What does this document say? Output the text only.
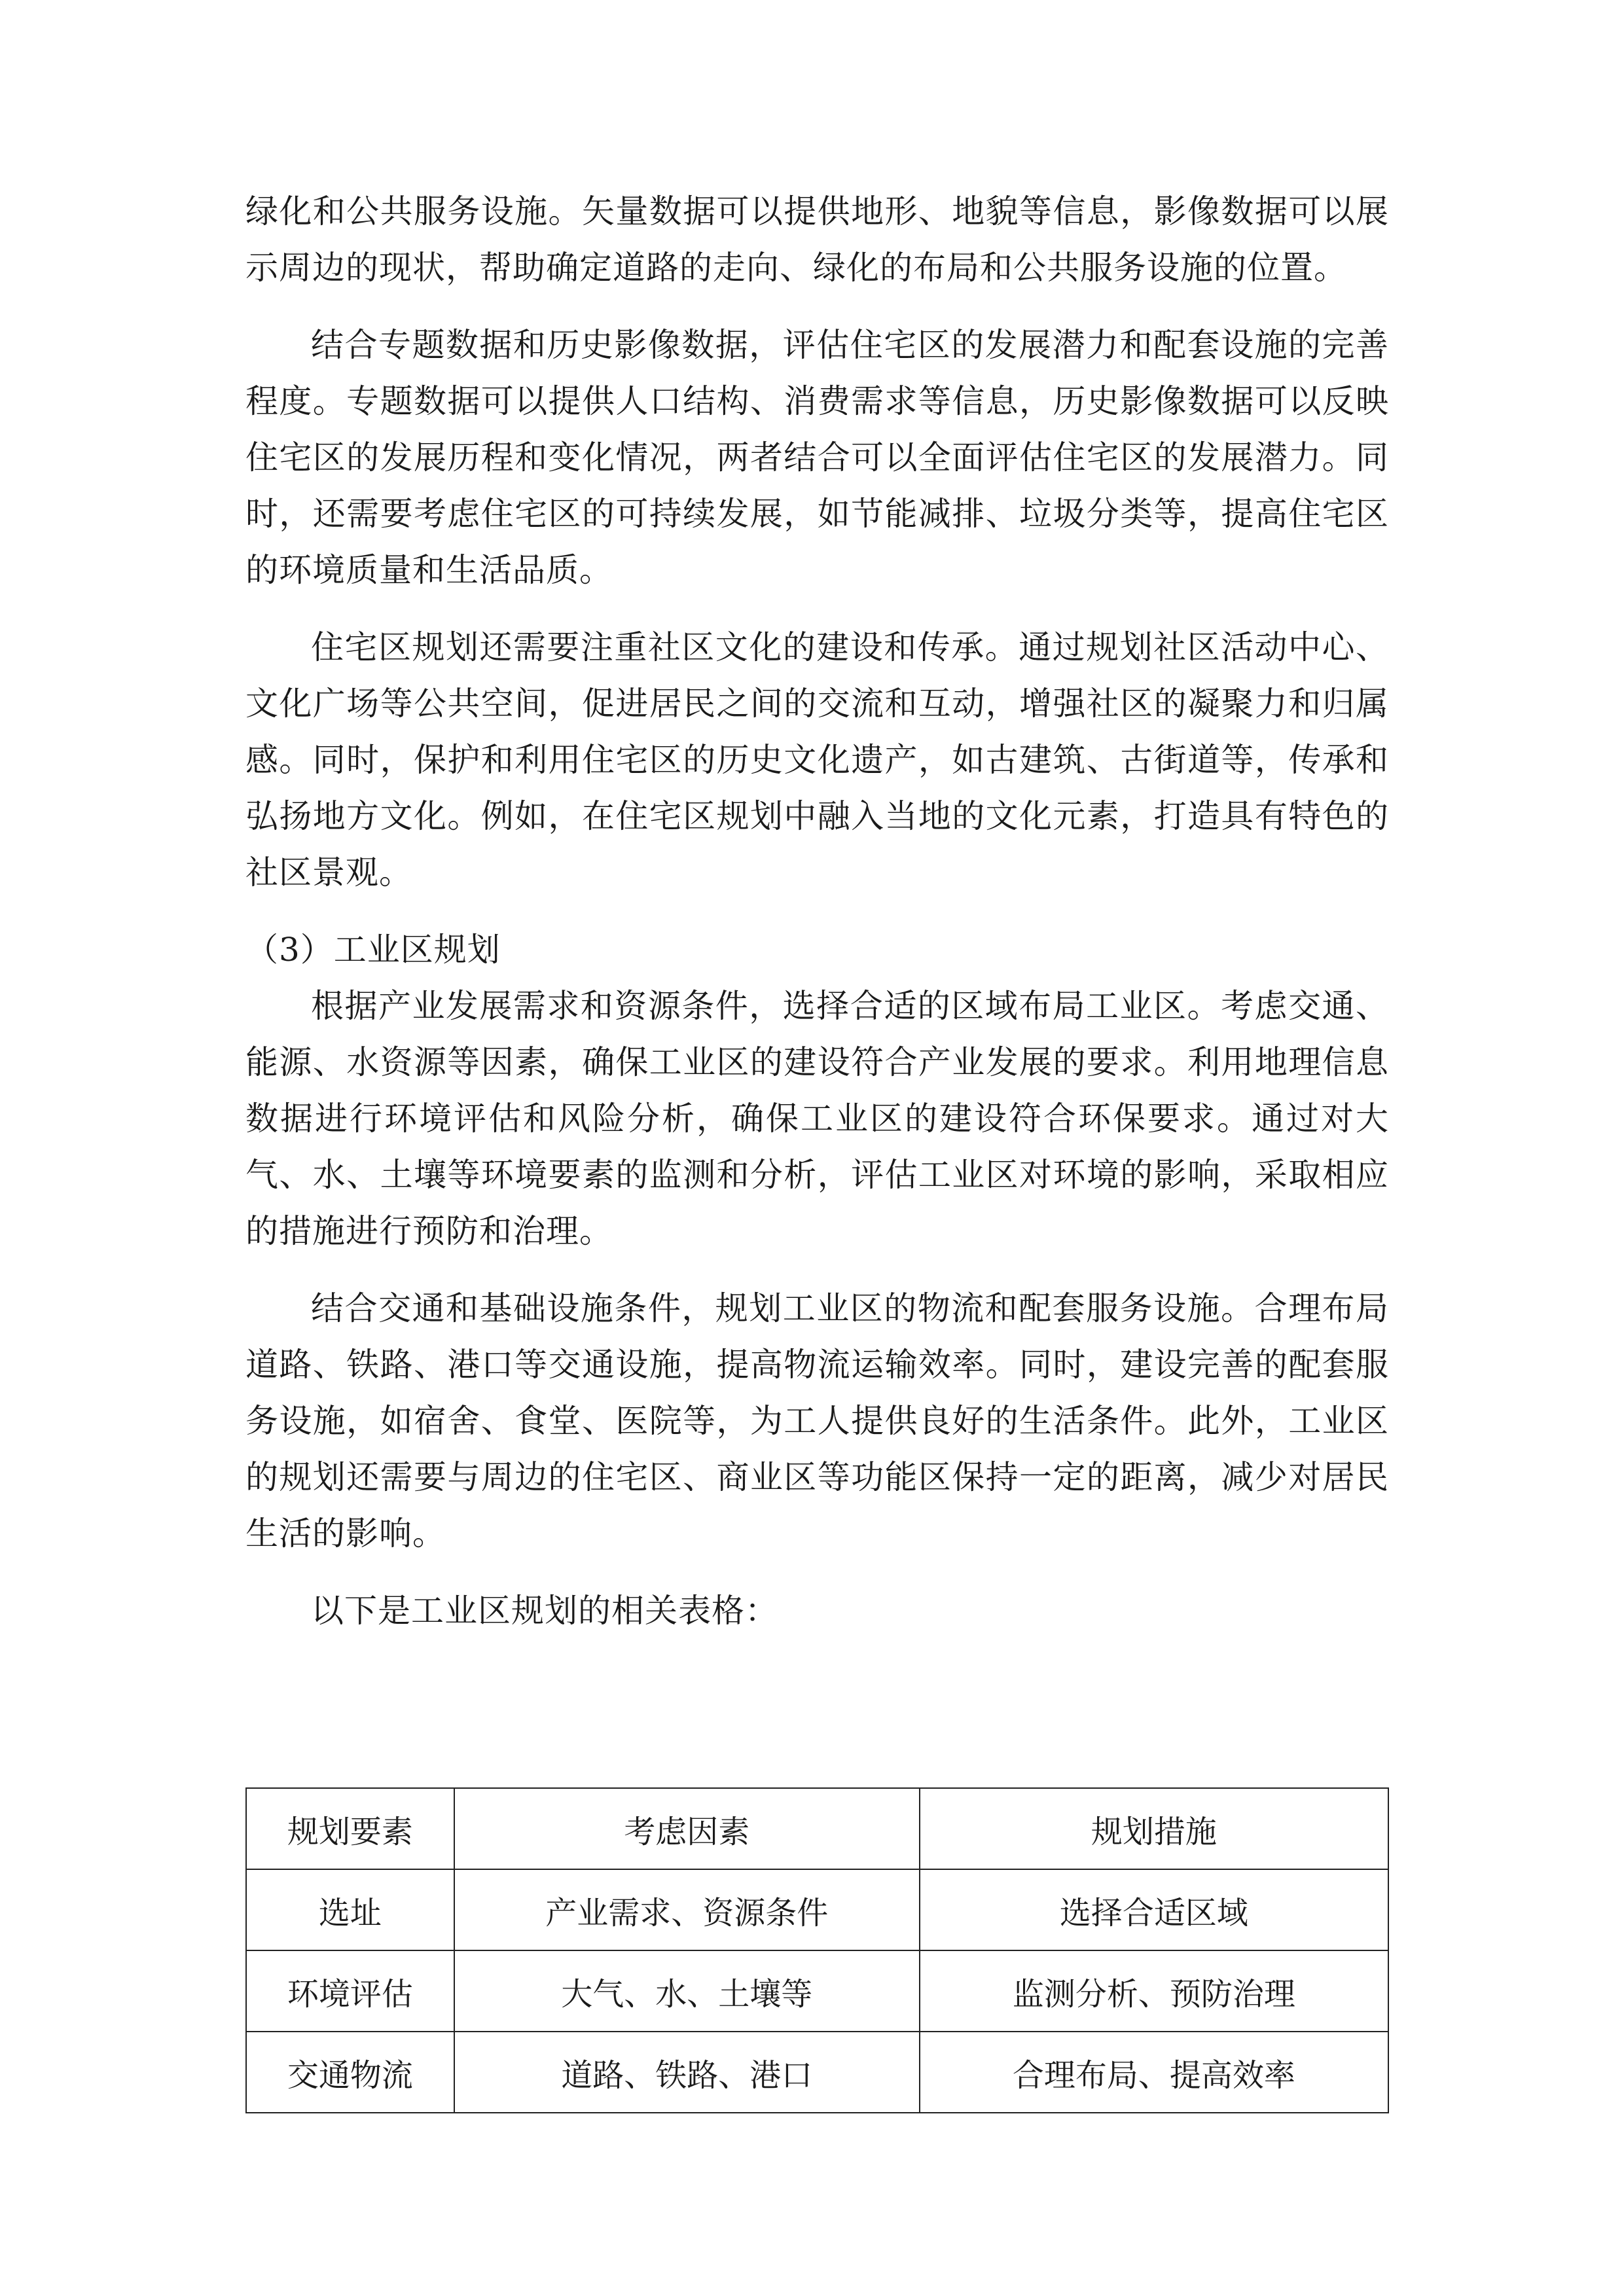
绿化和公共服务设施。矢量数据可以提供地形、地貌等信息，影像数据可以展示周边的现状，帮助确定道路的走向、绿化的布局和公共服务设施的位置。

结合专题数据和历史影像数据，评估住宅区的发展潜力和配套设施的完善程度。专题数据可以提供人口结构、消费需求等信息，历史影像数据可以反映住宅区的发展历程和变化情况，两者结合可以全面评估住宅区的发展潜力。同时，还需要考虑住宅区的可持续发展，如节能减排、垃圾分类等，提高住宅区的环境质量和生活品质。

住宅区规划还需要注重社区文化的建设和传承。通过规划社区活动中心、文化广场等公共空间，促进居民之间的交流和互动，增强社区的凝聚力和归属感。同时，保护和利用住宅区的历史文化遗产，如古建筑、古街道等，传承和弘扬地方文化。例如，在住宅区规划中融入当地的文化元素，打造具有特色的社区景观。

（3）工业区规划

根据产业发展需求和资源条件，选择合适的区域布局工业区。考虑交通、能源、水资源等因素，确保工业区的建设符合产业发展的要求。利用地理信息数据进行环境评估和风险分析，确保工业区的建设符合环保要求。通过对大气、水、土壤等环境要素的监测和分析，评估工业区对环境的影响，采取相应的措施进行预防和治理。

结合交通和基础设施条件，规划工业区的物流和配套服务设施。合理布局道路、铁路、港口等交通设施，提高物流运输效率。同时，建设完善的配套服务设施，如宿舍、食堂、医院等，为工人提供良好的生活条件。此外，工业区的规划还需要与周边的住宅区、商业区等功能区保持一定的距离，减少对居民生活的影响。

以下是工业区规划的相关表格：

规划要素	考虑因素	规划措施
选址	产业需求、资源条件	选择合适区域
环境评估	大气、水、土壤等	监测分析、预防治理
交通物流	道路、铁路、港口	合理布局、提高效率
